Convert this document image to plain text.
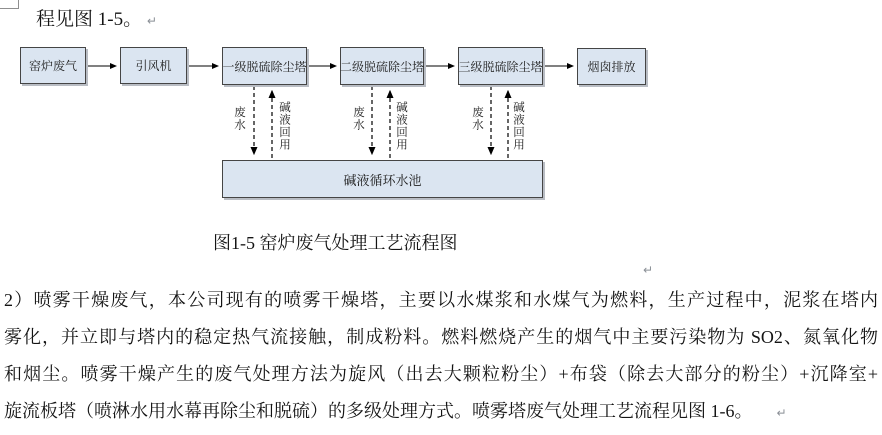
程见图 1-5。 ↵
窑炉废气	引风机	一级脱硫除尘塔	二级脱硫除尘塔	三级脱硫除尘塔	烟囱排放
碱液循环水池
废水	碱液回用	废水	碱液回用	废水	碱液回用
图1-5 窑炉废气处理工艺流程图
↵
2）喷雾干燥废气，本公司现有的喷雾干燥塔，主要以水煤浆和水煤气为燃料，生产过程中，泥浆在塔内
雾化，并立即与塔内的稳定热气流接触，制成粉料。燃料燃烧产生的烟气中主要污染物为 SO2、氮氧化物
和烟尘。喷雾干燥产生的废气处理方法为旋风（出去大颗粒粉尘）+布袋（除去大部分的粉尘）+沉降室+
旋流板塔（喷淋水用水幕再除尘和脱硫）的多级处理方式。喷雾塔废气处理工艺流程见图 1-6。 ↵
